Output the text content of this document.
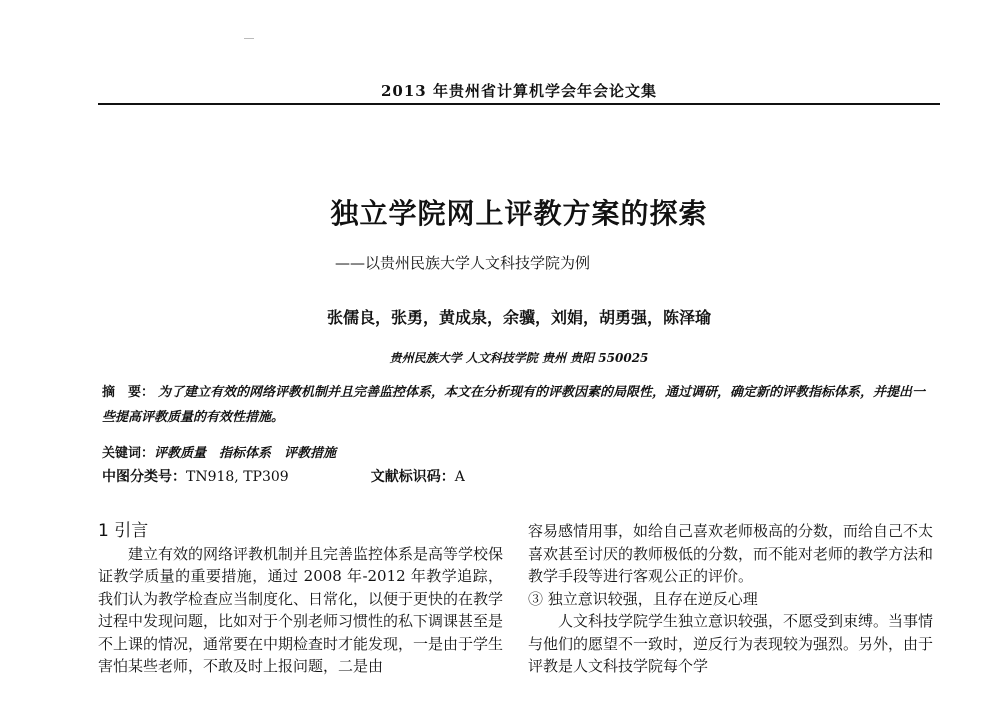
2013 年贵州省计算机学会年会论文集
独立学院网上评教方案的探索
——以贵州民族大学人文科技学院为例
张儒良，张勇，黄成泉，余骥，刘娟，胡勇强，陈泽瑜
贵州民族大学 人文科技学院 贵州 贵阳 550025
摘　要： 为了建立有效的网络评教机制并且完善监控体系，本文在分析现有的评教因素的局限性，通过调研，确定新的评教指标体系，并提出一些提高评教质量的有效性措施。
关键词：评教质量　指标体系　评教措施
中图分类号：TN918, TP309	文献标识码：A
1 引言

建立有效的网络评教机制并且完善监控体系是高等学校保证教学质量的重要措施，通过 2008 年-2012 年教学追踪，我们认为教学检查应当制度化、日常化，以便于更快的在教学过程中发现问题，比如对于个别老师习惯性的私下调课甚至是不上课的情况，通常要在中期检查时才能发现，一是由于学生害怕某些老师，不敢及时上报问题，二是由

容易感情用事，如给自己喜欢老师极高的分数，而给自己不太喜欢甚至讨厌的教师极低的分数，而不能对老师的教学方法和教学手段等进行客观公正的评价。

③ 独立意识较强，且存在逆反心理

人文科技学院学生独立意识较强，不愿受到束缚。当事情与他们的愿望不一致时，逆反行为表现较为强烈。另外，由于评教是人文科技学院每个学
